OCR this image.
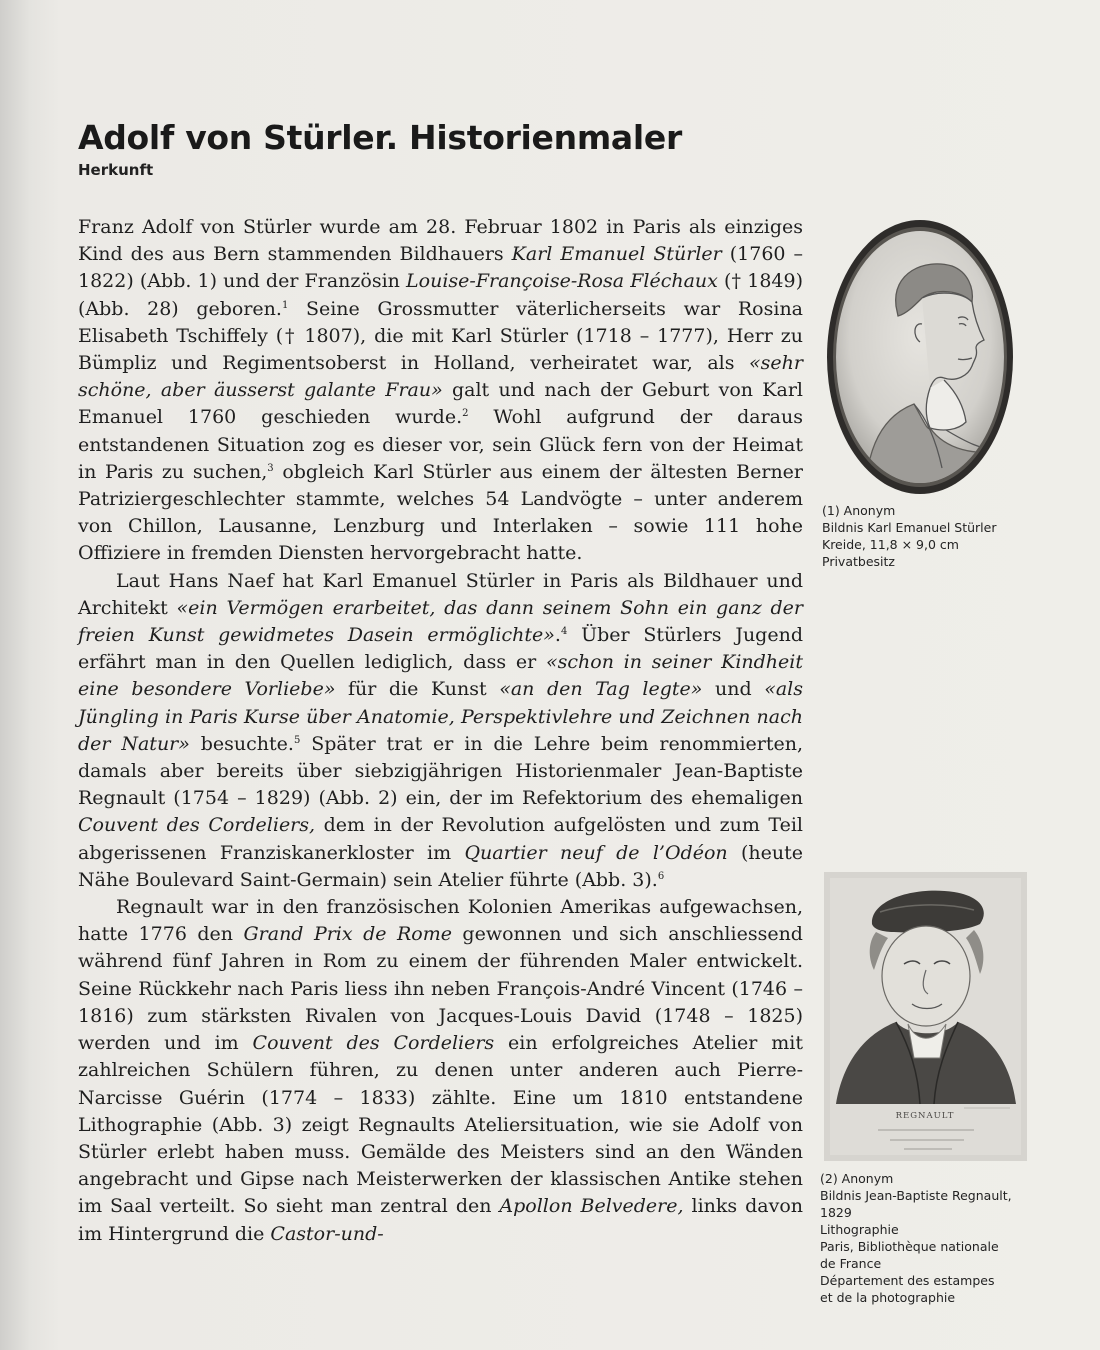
Adolf von Stürler. Historienmaler
Herkunft

Franz Adolf von Stürler wurde am 28. Februar 1802 in Paris als einziges Kind des aus Bern stammenden Bildhauers Karl Emanuel Stürler (1760 – 1822) (Abb. 1) und der Französin Louise-Françoise-Rosa Fléchaux († 1849) (Abb. 28) geboren.$^1$ Seine Grossmutter väterlicherseits war Rosina Elisabeth Tschiffely († 1807), die mit Karl Stürler (1718 – 1777), Herr zu Bümpliz und Regimentsoberst in Holland, verheiratet war, als «sehr schöne, aber äusserst galante Frau» galt und nach der Geburt von Karl Emanuel 1760 geschieden wurde.$^2$ Wohl aufgrund der daraus entstandenen Situation zog es dieser vor, sein Glück fern von der Heimat in Paris zu suchen,$^3$ obgleich Karl Stürler aus einem der ältesten Berner Patriziergeschlechter stammte, welches 54 Landvögte – unter anderem von Chillon, Lausanne, Lenzburg und Interlaken – sowie 111 hohe Offiziere in fremden Diensten hervorgebracht hatte.

Laut Hans Naef hat Karl Emanuel Stürler in Paris als Bildhauer und Architekt «ein Vermögen erarbeitet, das dann seinem Sohn ein ganz der freien Kunst gewidmetes Dasein ermöglichte».$^4$ Über Stürlers Jugend erfährt man in den Quellen lediglich, dass er «schon in seiner Kindheit eine besondere Vorliebe» für die Kunst «an den Tag legte» und «als Jüngling in Paris Kurse über Anatomie, Perspektivlehre und Zeichnen nach der Natur» besuchte.$^5$ Später trat er in die Lehre beim renommierten, damals aber bereits über siebzigjährigen Historienmaler Jean-Baptiste Regnault (1754 – 1829) (Abb. 2) ein, der im Refektorium des ehemaligen Couvent des Cordeliers, dem in der Revolution aufgelösten und zum Teil abgerissenen Franziskanerkloster im Quartier neuf de l’Odéon (heute Nähe Boulevard Saint-Germain) sein Atelier führte (Abb. 3).$^6$

Regnault war in den französischen Kolonien Amerikas aufgewachsen, hatte 1776 den Grand Prix de Rome gewonnen und sich anschliessend während fünf Jahren in Rom zu einem der führenden Maler entwickelt. Seine Rückkehr nach Paris liess ihn neben François-André Vincent (1746 – 1816) zum stärksten Rivalen von Jacques-Louis David (1748 – 1825) werden und im Couvent des Cordeliers ein erfolgreiches Atelier mit zahlreichen Schülern führen, zu denen unter anderen auch Pierre-Narcisse Guérin (1774 – 1833) zählte. Eine um 1810 entstandene Lithographie (Abb. 3) zeigt Regnaults Ateliersituation, wie sie Adolf von Stürler erlebt haben muss. Gemälde des Meisters sind an den Wänden angebracht und Gipse nach Meisterwerken der klassischen Antike stehen im Saal verteilt. So sieht man zentral den Apollon Belvedere, links davon im Hintergrund die Castor-und-

(1) Anonym
Bildnis Karl Emanuel Stürler
Kreide, 11,8 × 9,0 cm
Privatbesitz
REGNAULT
(2) Anonym
Bildnis Jean-Baptiste Regnault,
1829
Lithographie
Paris, Bibliothèque nationale
de France
Département des estampes
et de la photographie
